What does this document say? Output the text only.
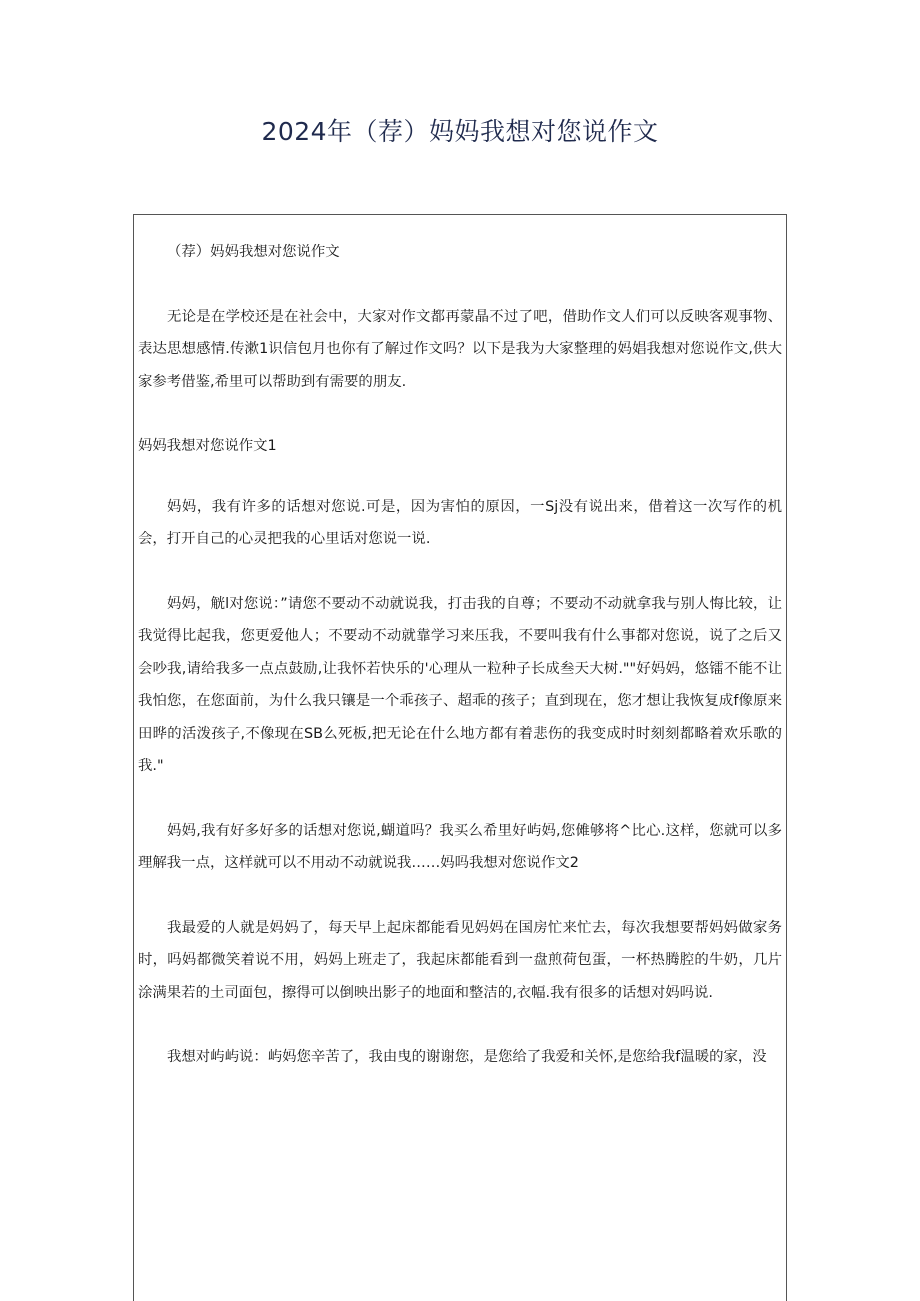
2024年（荐）妈妈我想对您说作文

（荐）妈妈我想对您说作文

无论是在学校还是在社会中，大家对作文都再蒙晶不过了吧，借助作文人们可以反映客观事物、表达思想感情.传漱1识信包月也你有了解过作文吗？以下是我为大家整理的妈娼我想对您说作文,供大家参考借鉴,希里可以帮助到有需要的朋友.

妈妈我想对您说作文1

妈妈，我有许多的话想对您说.可是，因为害怕的原因，一Sj没有说出来，借着这一次写作的机会，打开自己的心灵把我的心里话对您说一说.

妈妈，觥l对您说：”请您不要动不动就说我，打击我的自尊；不要动不动就拿我与别人悔比较，让我觉得比起我，您更爱他人；不要动不动就靠学习来压我，不要叫我有什么事都对您说，说了之后又会吵我,请给我多一点点鼓励,让我怀若快乐的'心理从一粒种子长成叁天大树.""好妈妈，悠镭不能不让我怕您，在您面前，为什么我只镶是一个乖孩子、超乖的孩子；直到现在，您才想让我恢复成f像原来田晔的活泼孩子,不像现在SB么死板,把无论在什么地方都有着悲伤的我变成时时刻刻都略着欢乐歌的我."

妈妈,我有好多好多的话想对您说,蝴道吗？我买么希里好屿妈,您傩够将^比心.这样，您就可以多理解我一点，这样就可以不用动不动就说我……妈吗我想对您说作文2

我最爱的人就是妈妈了，每天早上起床都能看见妈妈在国房忙来忙去，每次我想要帮妈妈做家务时，吗妈都微笑着说不用，妈妈上班走了，我起床都能看到一盘煎荷包蛋，一杯热腾腔的牛奶，几片涂满果若的土司面包，擦得可以倒映出影子的地面和整洁的,衣幅.我有很多的话想对妈吗说.

我想对屿屿说：屿妈您辛苦了，我由曳的谢谢您，是您给了我爱和关怀,是您给我f温暖的家，没
